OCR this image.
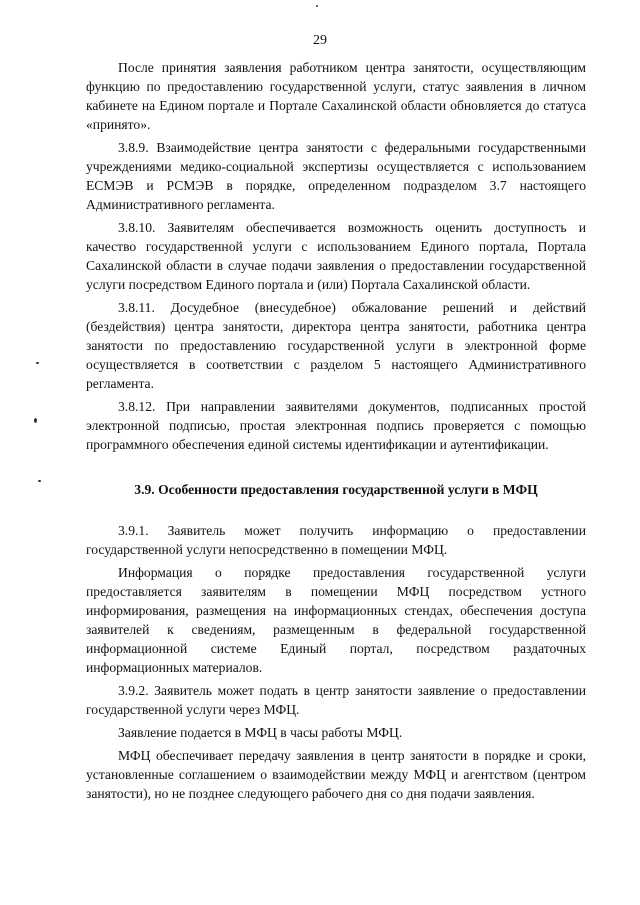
29

После принятия заявления работником центра занятости, осуществляющим функцию по предоставлению государственной услуги, статус заявления в личном кабинете на Едином портале и Портале Сахалинской области обновляется до статуса «принято».

3.8.9. Взаимодействие центра занятости с федеральными государственными учреждениями медико-социальной экспертизы осуществляется с использованием ЕСМЭВ и РСМЭВ в порядке, определенном подразделом 3.7 настоящего Административного регламента.

3.8.10. Заявителям обеспечивается возможность оценить доступность и качество государственной услуги с использованием Единого портала, Портала Сахалинской области в случае подачи заявления о предоставлении государственной услуги посредством Единого портала и (или) Портала Сахалинской области.

3.8.11. Досудебное (внесудебное) обжалование решений и действий (бездействия) центра занятости, директора центра занятости, работника центра занятости по предоставлению государственной услуги в электронной форме осуществляется в соответствии с разделом 5 настоящего Административного регламента.

3.8.12. При направлении заявителями документов, подписанных простой электронной подписью, простая электронная подпись проверяется с помощью программного обеспечения единой системы идентификации и аутентификации.

3.9. Особенности предоставления государственной услуги в МФЦ

3.9.1. Заявитель может получить информацию о предоставлении государственной услуги непосредственно в помещении МФЦ.

Информация о порядке предоставления государственной услуги предоставляется заявителям в помещении МФЦ посредством устного информирования, размещения на информационных стендах, обеспечения доступа заявителей к сведениям, размещенным в федеральной государственной информационной системе Единый портал, посредством раздаточных информационных материалов.

3.9.2. Заявитель может подать в центр занятости заявление о предоставлении государственной услуги через МФЦ.

Заявление подается в МФЦ в часы работы МФЦ.

МФЦ обеспечивает передачу заявления в центр занятости в порядке и сроки, установленные соглашением о взаимодействии между МФЦ и агентством (центром занятости), но не позднее следующего рабочего дня со дня подачи заявления.
